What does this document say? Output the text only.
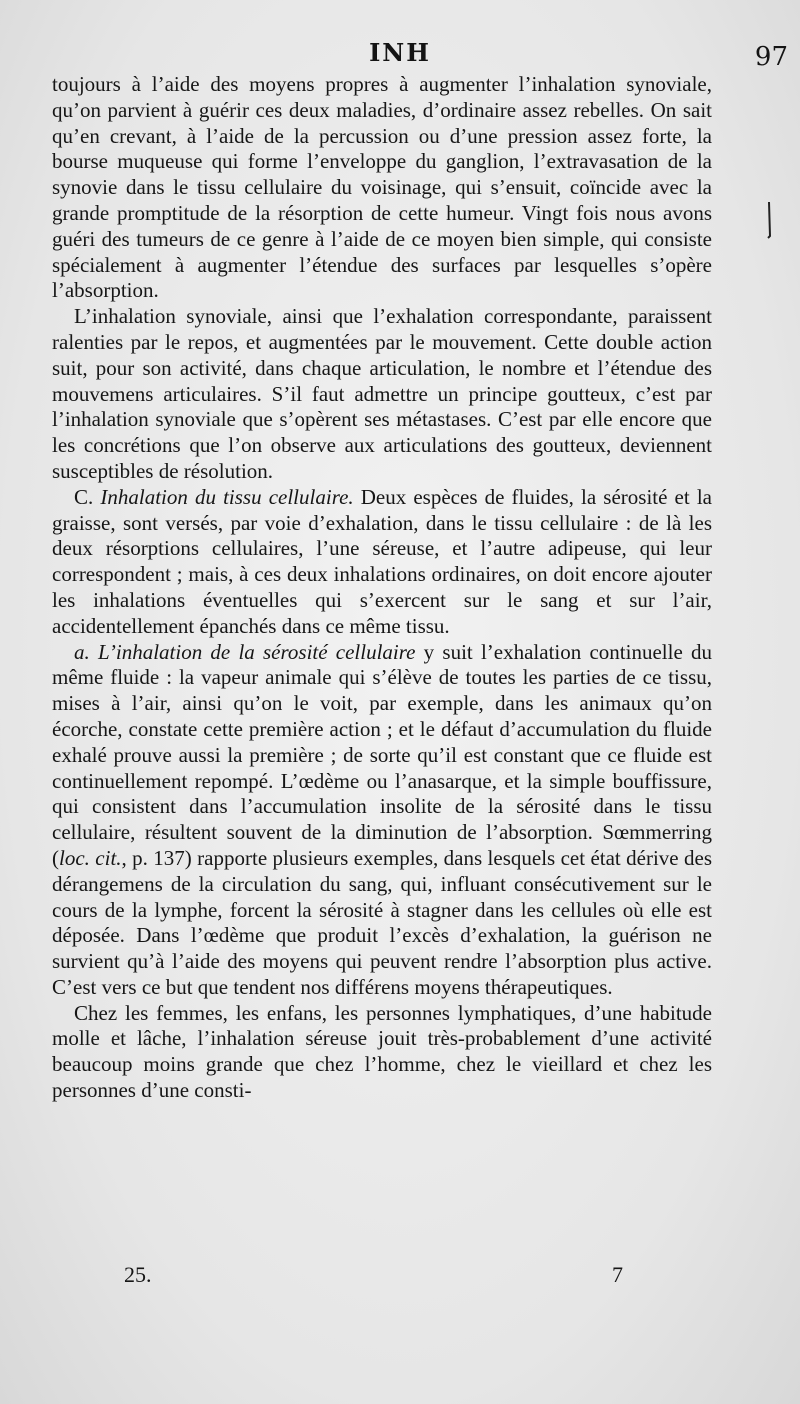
INH	97

toujours à l’aide des moyens propres à augmenter l’inhalation synoviale, qu’on parvient à guérir ces deux maladies, d’ordinaire assez rebelles. On sait qu’en crevant, à l’aide de la percussion ou d’une pression assez forte, la bourse muqueuse qui forme l’enveloppe du ganglion, l’extravasation de la synovie dans le tissu cellulaire du voisinage, qui s’ensuit, coïncide avec la grande promptitude de la résorption de cette humeur. Vingt fois nous avons guéri des tumeurs de ce genre à l’aide de ce moyen bien simple, qui consiste spécialement à augmenter l’étendue des surfaces par lesquelles s’opère l’absorption.

L’inhalation synoviale, ainsi que l’exhalation correspondante, paraissent ralenties par le repos, et augmentées par le mouvement. Cette double action suit, pour son activité, dans chaque articulation, le nombre et l’étendue des mouvemens articulaires. S’il faut admettre un principe goutteux, c’est par l’inhalation synoviale que s’opèrent ses métastases. C’est par elle encore que les concrétions que l’on observe aux articulations des goutteux, deviennent susceptibles de résolution.

C. Inhalation du tissu cellulaire. Deux espèces de fluides, la sérosité et la graisse, sont versés, par voie d’exhalation, dans le tissu cellulaire : de là les deux résorptions cellulaires, l’une séreuse, et l’autre adipeuse, qui leur correspondent ; mais, à ces deux inhalations ordinaires, on doit encore ajouter les inhalations éventuelles qui s’exercent sur le sang et sur l’air, accidentellement épanchés dans ce même tissu.

a. L’inhalation de la sérosité cellulaire y suit l’exhalation continuelle du même fluide : la vapeur animale qui s’élève de toutes les parties de ce tissu, mises à l’air, ainsi qu’on le voit, par exemple, dans les animaux qu’on écorche, constate cette première action ; et le défaut d’accumulation du fluide exhalé prouve aussi la première ; de sorte qu’il est constant que ce fluide est continuellement repompé. L’œdème ou l’anasarque, et la simple bouffissure, qui consistent dans l’accumulation insolite de la sérosité dans le tissu cellulaire, résultent souvent de la diminution de l’absorption. Sœmmerring (loc. cit., p. 137) rapporte plusieurs exemples, dans lesquels cet état dérive des dérangemens de la circulation du sang, qui, influant consécutivement sur le cours de la lymphe, forcent la sérosité à stagner dans les cellules où elle est déposée. Dans l’œdème que produit l’excès d’exhalation, la guérison ne survient qu’à l’aide des moyens qui peuvent rendre l’absorption plus active. C’est vers ce but que tendent nos différens moyens thérapeutiques.

Chez les femmes, les enfans, les personnes lymphatiques, d’une habitude molle et lâche, l’inhalation séreuse jouit très-probablement d’une activité beaucoup moins grande que chez l’homme, chez le vieillard et chez les personnes d’une consti-

25.	7
